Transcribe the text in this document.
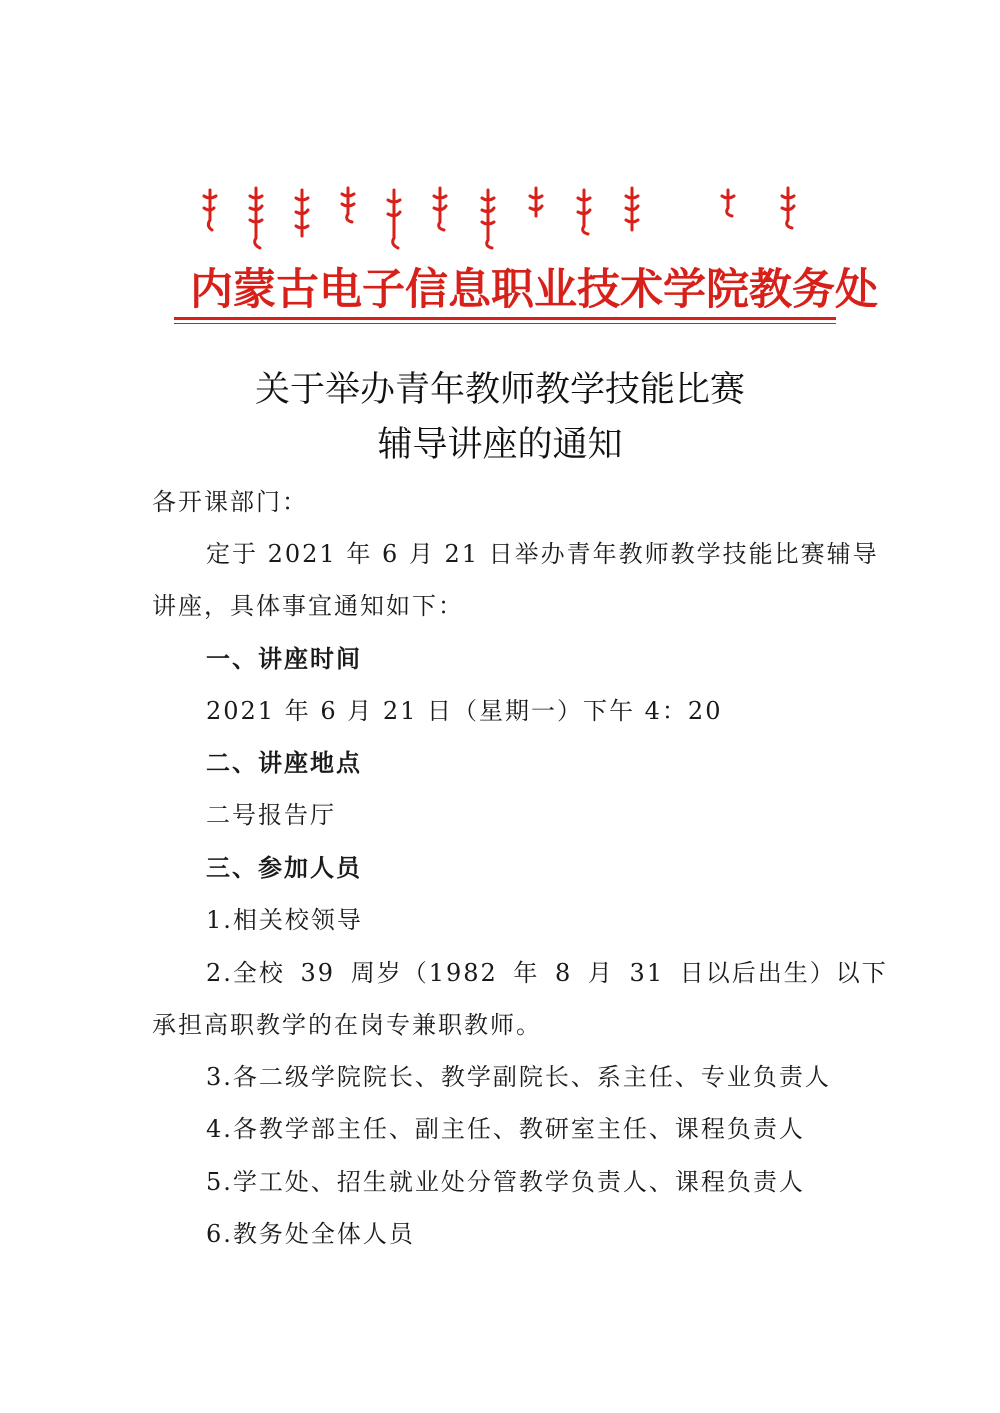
内蒙古电子信息职业技术学院教务处
关于举办青年教师教学技能比赛
辅导讲座的通知
各开课部门：
定于 2021 年 6 月 21 日举办青年教师教学技能比赛辅导
讲座，具体事宜通知如下：
一、讲座时间
2021 年 6 月 21 日（星期一）下午 4：20
二、讲座地点
二号报告厅
三、参加人员
1.相关校领导
2.全校 39 周岁（1982 年 8 月 31 日以后出生）以下
承担高职教学的在岗专兼职教师。
3.各二级学院院长、教学副院长、系主任、专业负责人
4.各教学部主任、副主任、教研室主任、课程负责人
5.学工处、招生就业处分管教学负责人、课程负责人
6.教务处全体人员
